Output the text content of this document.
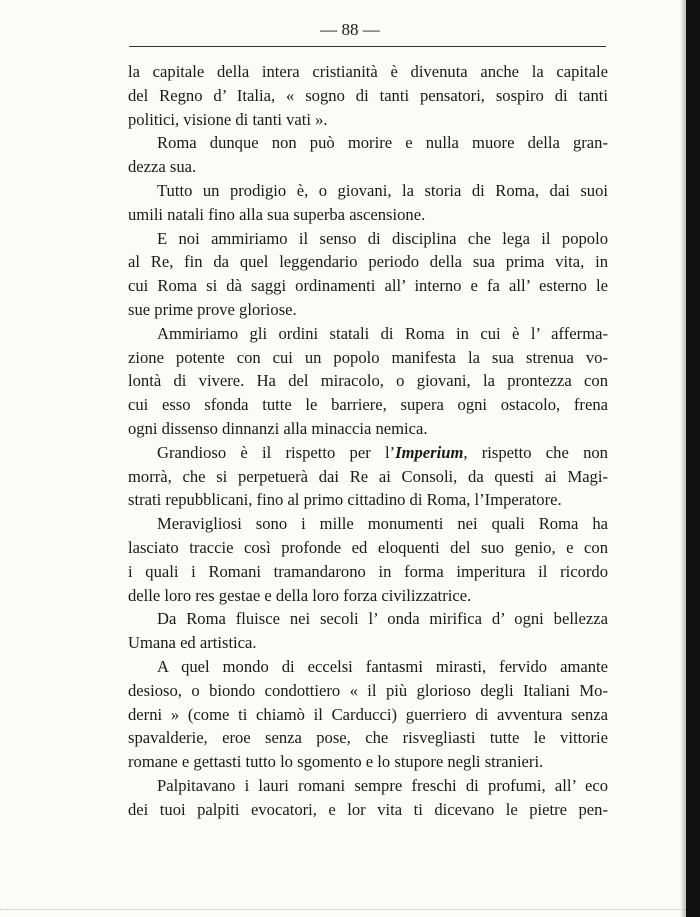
— 88 —
la capitale della intera cristianità è divenuta anche la capitale
del Regno d’ Italia, « sogno di tanti pensatori, sospiro di tanti
politici, visione di tanti vati ».
Roma dunque non può morire e nulla muore della gran-
dezza sua.
Tutto un prodigio è, o giovani, la storia di Roma, dai suoi
umili natali fino alla sua superba ascensione.
E noi ammiriamo il senso di disciplina che lega il popolo
al Re, fin da quel leggendario periodo della sua prima vita, in
cui Roma si dà saggi ordinamenti all’ interno e fa all’ esterno le
sue prime prove gloriose.
Ammiriamo gli ordini statali di Roma in cui è l’ afferma-
zione potente con cui un popolo manifesta la sua strenua vo-
lontà di vivere. Ha del miracolo, o giovani, la prontezza con
cui esso sfonda tutte le barriere, supera ogni ostacolo, frena
ogni dissenso dinnanzi alla minaccia nemica.
Grandioso è il rispetto per l’Imperium, rispetto che non
morrà, che si perpetuerà dai Re ai Consoli, da questi ai Magi-
strati repubblicani, fino al primo cittadino di Roma, l’Imperatore.
Meravigliosi sono i mille monumenti nei quali Roma ha
lasciato traccie così profonde ed eloquenti del suo genio, e con
i quali i Romani tramandarono in forma imperitura il ricordo
delle loro res gestae e della loro forza civilizzatrice.
Da Roma fluisce nei secoli l’ onda mirifica d’ ogni bellezza
Umana ed artistica.
A quel mondo di eccelsi fantasmi mirasti, fervido amante
desioso, o biondo condottiero « il più glorioso degli Italiani Mo-
derni » (come ti chiamò il Carducci) guerriero di avventura senza
spavalderie, eroe senza pose, che risvegliasti tutte le vittorie
romane e gettasti tutto lo sgomento e lo stupore negli stranieri.
Palpitavano i lauri romani sempre freschi di profumi, all’ eco
dei tuoi palpiti evocatori, e lor vita ti dicevano le pietre pen-
